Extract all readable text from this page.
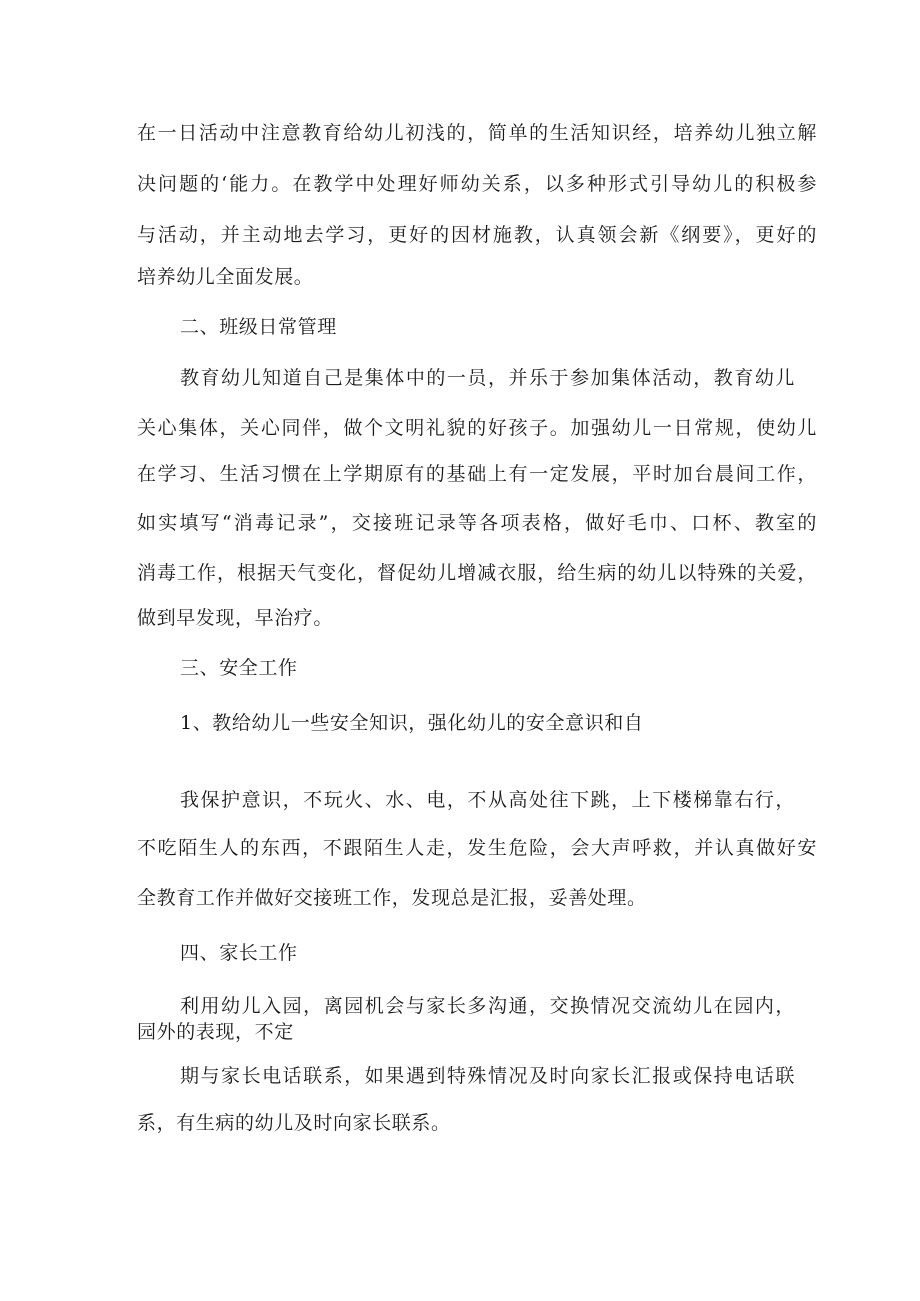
在一日活动中注意教育给幼儿初浅的，简单的生活知识经，培养幼儿独立解
决问题的‘能力。在教学中处理好师幼关系，以多种形式引导幼儿的积极参
与活动，并主动地去学习，更好的因材施教，认真领会新《纲要》，更好的
培养幼儿全面发展。
二、班级日常管理
教育幼儿知道自己是集体中的一员，并乐于参加集体活动，教育幼儿
关心集体，关心同伴，做个文明礼貌的好孩子。加强幼儿一日常规，使幼儿
在学习、生活习惯在上学期原有的基础上有一定发展，平时加台晨间工作，
如实填写“消毒记录”，交接班记录等各项表格，做好毛巾、口杯、教室的
消毒工作，根据天气变化，督促幼儿增减衣服，给生病的幼儿以特殊的关爱，
做到早发现，早治疗。
三、安全工作
1、教给幼儿一些安全知识，强化幼儿的安全意识和自
我保护意识，不玩火、水、电，不从高处往下跳，上下楼梯靠右行，
不吃陌生人的东西，不跟陌生人走，发生危险，会大声呼救，并认真做好安
全教育工作并做好交接班工作，发现总是汇报，妥善处理。
四、家长工作
利用幼儿入园，离园机会与家长多沟通，交换情况交流幼儿在园内，
园外的表现，不定
期与家长电话联系，如果遇到特殊情况及时向家长汇报或保持电话联
系，有生病的幼儿及时向家长联系。
